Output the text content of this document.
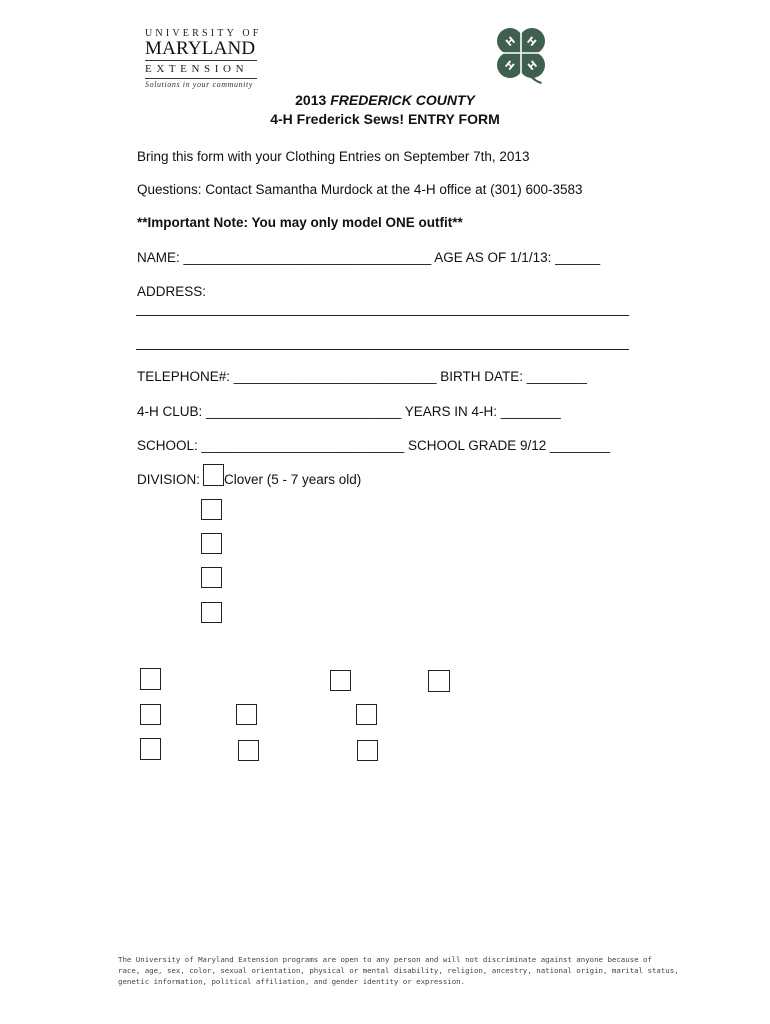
UNIVERSITY OF
MARYLAND
EXTENSION
Solutions in your community
H H
H H
2013 FREDERICK COUNTY
4-H Frederick Sews! ENTRY FORM
Bring this form with your Clothing Entries on September 7th, 2013
Questions: Contact Samantha Murdock at the 4-H office at (301) 600-3583
**Important Note: You may only model ONE outfit**
NAME: _________________________________ AGE AS OF 1/1/13: ______
ADDRESS:
TELEPHONE#: ___________________________ BIRTH DATE: ________
4-H CLUB: __________________________ YEARS IN 4-H: ________
SCHOOL: ___________________________ SCHOOL GRADE 9/12 ________
DIVISION: Clover (5 - 7 years old)
The University of Maryland Extension programs are open to any person and will not discriminate against anyone because of
race, age, sex, color, sexual orientation, physical or mental disability, religion, ancestry, national origin, marital status,
genetic information, political affiliation, and gender identity or expression.
